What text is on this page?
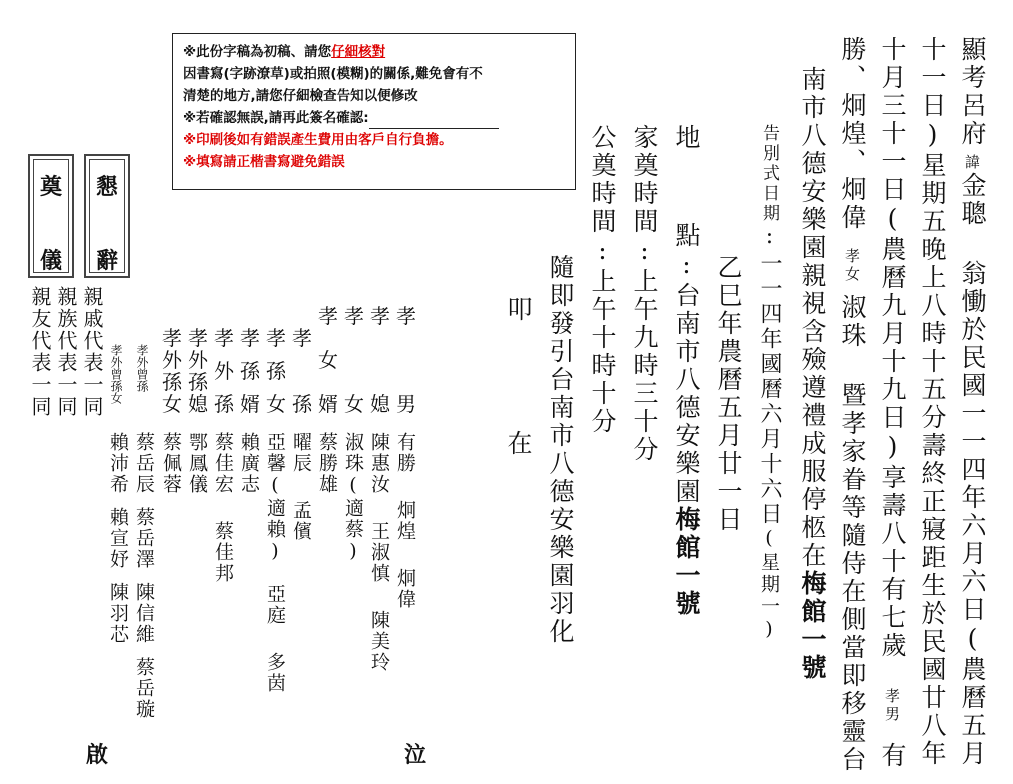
顯考呂府諱金聰 翁慟於民國一一四年六月六日(農曆五月
十一日)星期五晚上八時十五分壽終正寢距生於民國廿八年
十月三十一日(農曆九月十九日)享壽八十有七歲孝男有
勝、炯煌、炯偉孝女淑珠 暨孝家眷等隨侍在側當即移靈台
南市八德安樂園親視含殮遵禮成服停柩在梅館一號
告別式日期:一一四年國曆六月十六日(星期一)
乙巳年農曆五月廿一日
地點:台南市八德安樂園梅館一號
家奠時間:上午九時三十分
公奠時間:上午十時十分
隨即發引台南市八德安樂園羽化
叩 在
孝
男
孝
媳
孝
女
孝
女
婿
孝
孫
孝
孫
女
孝
孫
婿
孝
外
孫
孝
外
孫
媳
孝
外
孫
女
孝外曾孫
孝外曾孫女
親戚代表一同
親族代表一同
親友代表一同
有勝
炯煌
炯偉
陳惠汝
王淑慎
陳美玲
淑珠(適蔡)
蔡勝雄
曜辰
孟儐
亞馨(適賴)
亞庭
多茵
賴廣志
蔡佳宏
蔡佳邦
鄂鳳儀
蔡佩蓉
蔡岳辰
蔡岳澤
陳信維
蔡岳璇
賴沛希
賴宣妤
陳羽芯
※此份字稿為初稿、請您仔細核對
因書寫(字跡潦草)或拍照(模糊)的關係,難免會有不
清楚的地方,請您仔細檢查告知以便修改
※若確認無誤,請再此簽名確認:
※印刷後如有錯誤產生費用由客戶自行負擔。
※填寫請正楷書寫避免錯誤
懇
辭
奠
儀
啟	泣
